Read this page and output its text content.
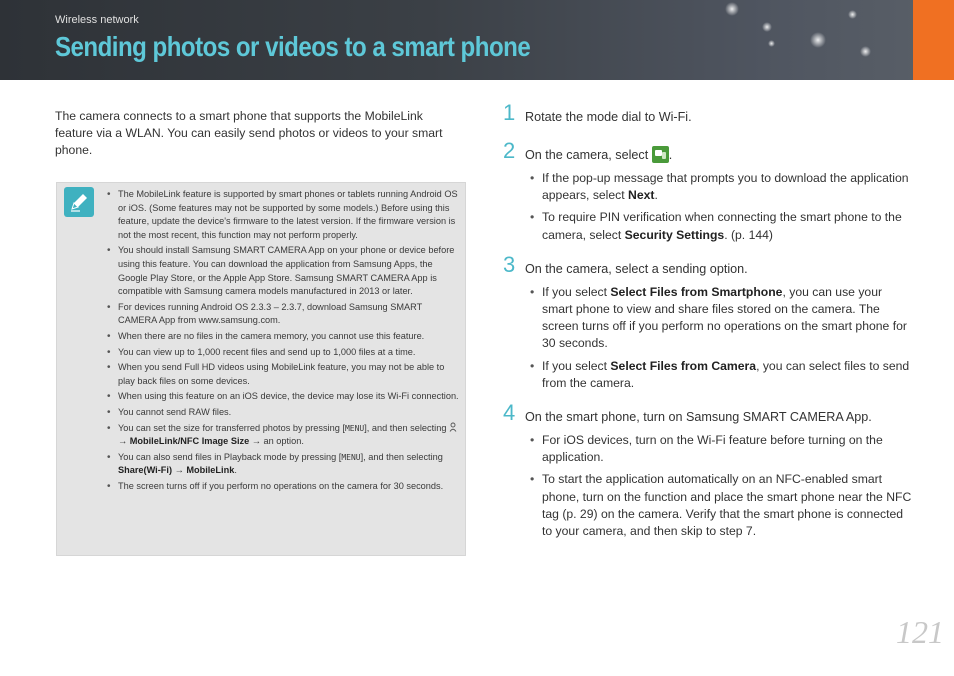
Wireless network
Sending photos or videos to a smart phone

The camera connects to a smart phone that supports the MobileLink feature via a WLAN. You can easily send photos or videos to your smart phone.

• The MobileLink feature is supported by smart phones or tablets running Android OS or iOS. (Some features may not be supported by some models.) Before using this feature, update the device's firmware to the latest version. If the firmware version is not the most recent, this function may not perform properly.
• You should install Samsung SMART CAMERA App on your phone or device before using this feature. You can download the application from Samsung Apps, the Google Play Store, or the Apple App Store. Samsung SMART CAMERA App is compatible with Samsung camera models manufactured in 2013 or later.
• For devices running Android OS 2.3.3 – 2.3.7, download Samsung SMART CAMERA App from www.samsung.com.
• When there are no files in the camera memory, you cannot use this feature.
• You can view up to 1,000 recent files and send up to 1,000 files at a time.
• When you send Full HD videos using MobileLink feature, you may not be able to play back files on some devices.
• When using this feature on an iOS device, the device may lose its Wi-Fi connection.
• You cannot send RAW files.
• You can set the size for transferred photos by pressing [MENU], and then selecting  → MobileLink/NFC Image Size → an option.
• You can also send files in Playback mode by pressing [MENU], and then selecting Share(Wi-Fi) → MobileLink.
• The screen turns off if you perform no operations on the camera for 30 seconds.
1 Rotate the mode dial to Wi-Fi.
2 On the camera, select .
• If the pop-up message that prompts you to download the application appears, select Next.
• To require PIN verification when connecting the smart phone to the camera, select Security Settings. (p. 144)
3 On the camera, select a sending option.
• If you select Select Files from Smartphone, you can use your smart phone to view and share files stored on the camera. The screen turns off if you perform no operations on the smart phone for 30 seconds.
• If you select Select Files from Camera, you can select files to send from the camera.
4 On the smart phone, turn on Samsung SMART CAMERA App.
• For iOS devices, turn on the Wi-Fi feature before turning on the application.
• To start the application automatically on an NFC-enabled smart phone, turn on the function and place the smart phone near the NFC tag (p. 29) on the camera. Verify that the smart phone is connected to your camera, and then skip to step 7.
121
